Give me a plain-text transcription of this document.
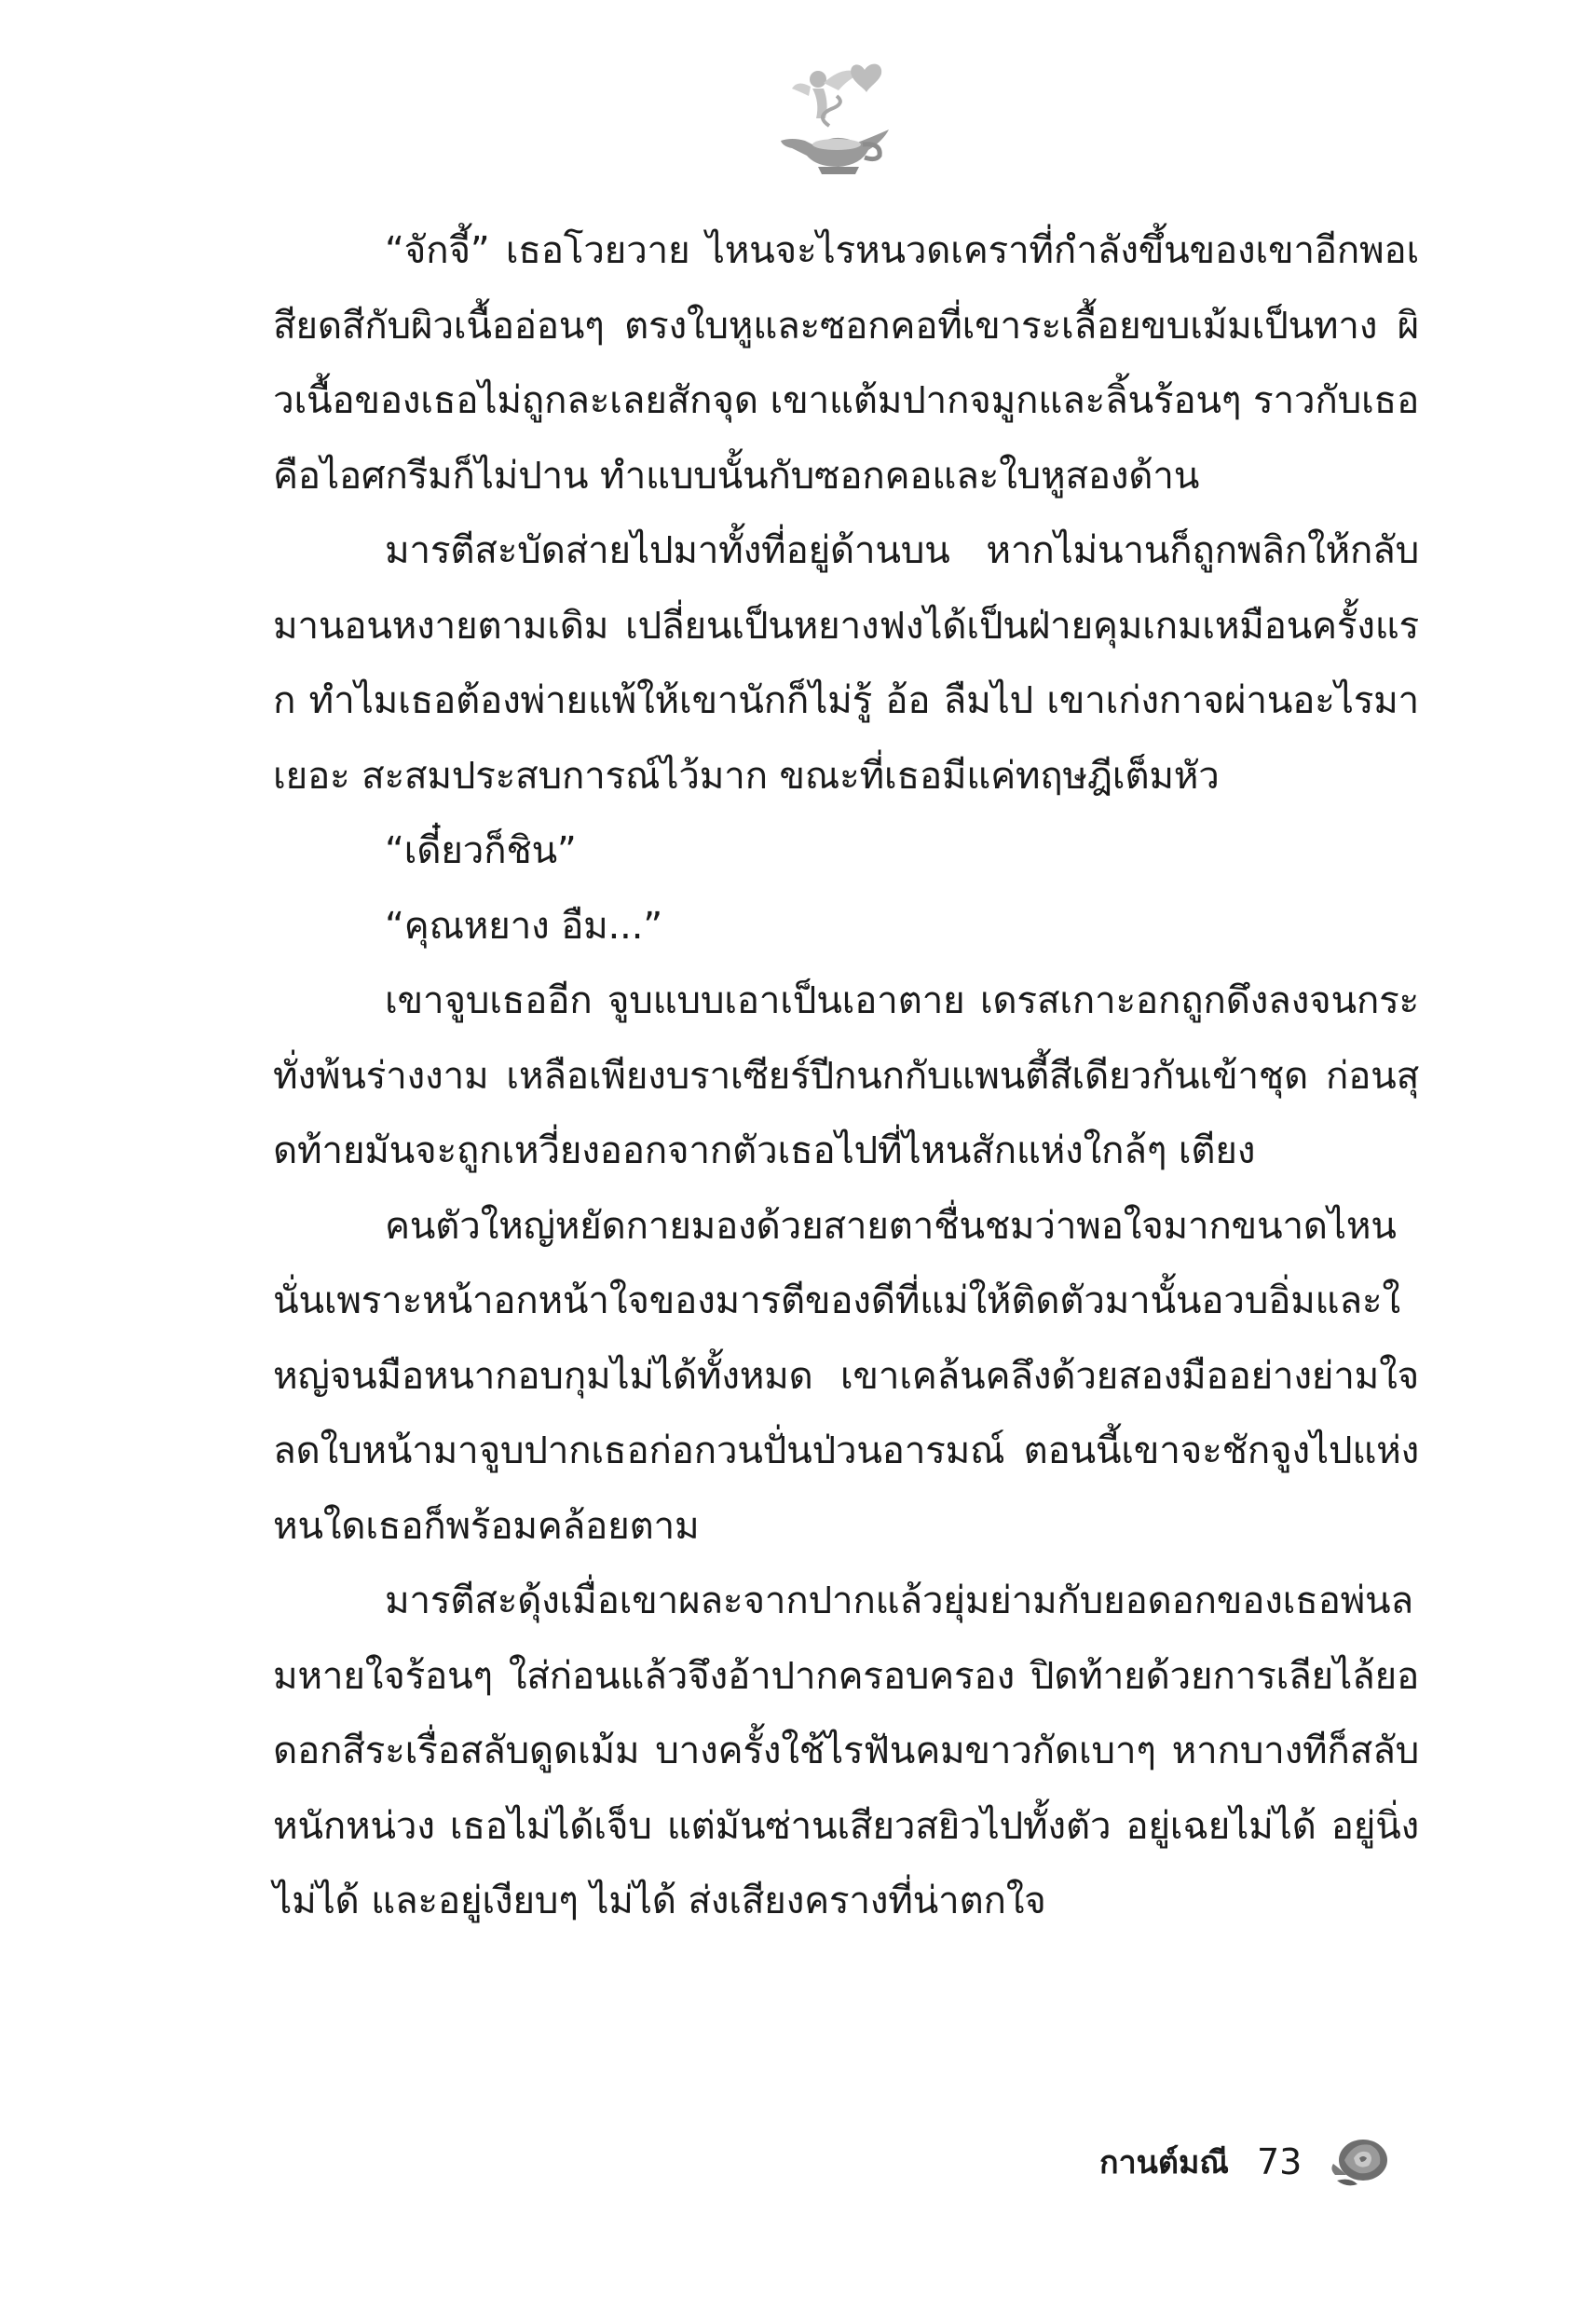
“จักจี้” เธอโวยวาย ไหนจะไรหนวดเคราที่กำลังขึ้นของเขาอีกพอเสียดสีกับผิวเนื้ออ่อนๆ ตรงใบหูและซอกคอที่เขาระเลื้อยขบเม้มเป็นทาง ผิวเนื้อของเธอไม่ถูกละเลยสักจุด เขาแต้มปากจมูกและลิ้นร้อนๆ ราวกับเธอคือไอศกรีมก็ไม่ปาน ทำแบบนั้นกับซอกคอและใบหูสองด้าน

มารตีสะบัดส่ายไปมาทั้งที่อยู่ด้านบน หากไม่นานก็ถูกพลิกให้กลับมานอนหงายตามเดิม เปลี่ยนเป็นหยางฟงได้เป็นฝ่ายคุมเกมเหมือนครั้งแรก ทำไมเธอต้องพ่ายแพ้ให้เขานักก็ไม่รู้ อ้อ ลืมไป เขาเก่งกาจผ่านอะไรมาเยอะ สะสมประสบการณ์ไว้มาก ขณะที่เธอมีแค่ทฤษฎีเต็มหัว

“เดี๋ยวก็ชิน”

“คุณหยาง อืม...”

เขาจูบเธออีก จูบแบบเอาเป็นเอาตาย เดรสเกาะอกถูกดึงลงจนกระทั่งพ้นร่างงาม เหลือเพียงบราเซียร์ปีกนกกับแพนตี้สีเดียวกันเข้าชุด ก่อนสุดท้ายมันจะถูกเหวี่ยงออกจากตัวเธอไปที่ไหนสักแห่งใกล้ๆ เตียง

คนตัวใหญ่หยัดกายมองด้วยสายตาชื่นชมว่าพอใจมากขนาดไหน นั่นเพราะหน้าอกหน้าใจของมารตีของดีที่แม่ให้ติดตัวมานั้นอวบอิ่มและใหญ่จนมือหนากอบกุมไม่ได้ทั้งหมด เขาเคล้นคลึงด้วยสองมืออย่างย่ามใจ ลดใบหน้ามาจูบปากเธอก่อกวนปั่นป่วนอารมณ์ ตอนนี้เขาจะชักจูงไปแห่งหนใดเธอก็พร้อมคล้อยตาม

มารตีสะดุ้งเมื่อเขาผละจากปากแล้วยุ่มย่ามกับยอดอกของเธอพ่นลมหายใจร้อนๆ ใส่ก่อนแล้วจึงอ้าปากครอบครอง ปิดท้ายด้วยการเลียไล้ยอดอกสีระเรื่อสลับดูดเม้ม บางครั้งใช้ไรฟันคมขาวกัดเบาๆ หากบางทีก็สลับหนักหน่วง เธอไม่ได้เจ็บ แต่มันซ่านเสียวสยิวไปทั้งตัว อยู่เฉยไม่ได้ อยู่นิ่งไม่ได้ และอยู่เงียบๆ ไม่ได้ ส่งเสียงครางที่น่าตกใจ

กานต์มณี 73
